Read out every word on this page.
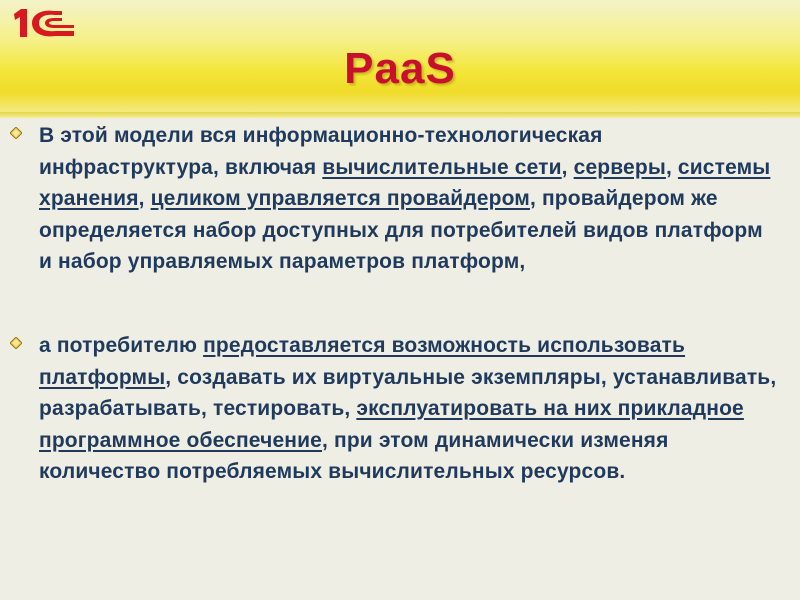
PaaS
В этой модели вся информационно-технологическая инфраструктура, включая вычислительные сети, серверы, системы хранения, целиком управляется провайдером, провайдером же определяется набор доступных для потребителей видов платформ и набор управляемых параметров платформ,
а потребителю предоставляется возможность использовать платформы, создавать их виртуальные экземпляры, устанавливать, разрабатывать, тестировать, эксплуатировать на них прикладное программное обеспечение, при этом динамически изменяя количество потребляемых вычислительных ресурсов.
